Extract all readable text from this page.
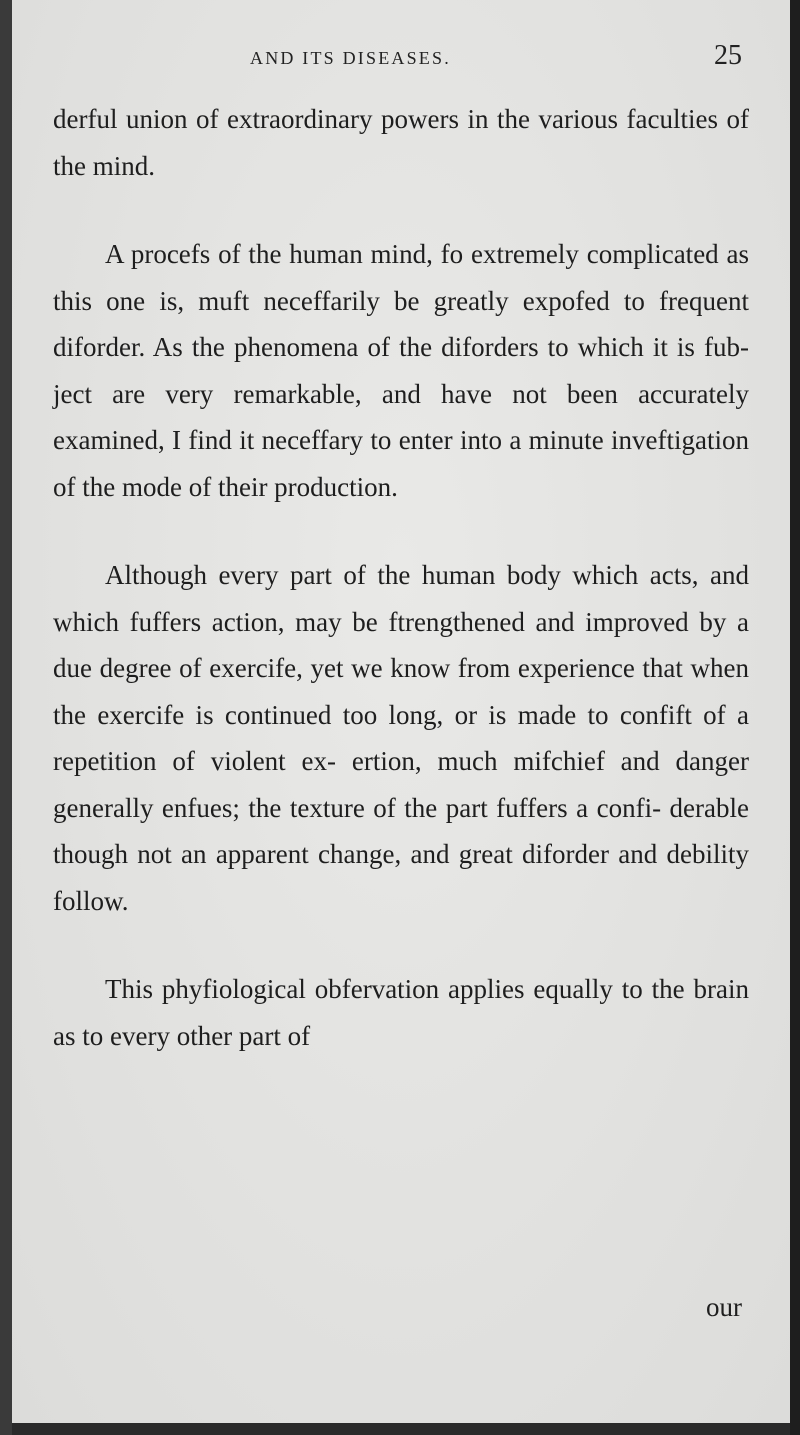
AND ITS DISEASES.	25

derful union of extraordinary powers in the various faculties of the mind.

A procefs of the human mind, fo extremely complicated as this one is, muft neceffarily be greatly expofed to frequent diforder. As the phenomena of the diforders to which it is fub- ject are very remarkable, and have not been accurately examined, I find it neceffary to enter into a minute inveftigation of the mode of their production.

Although every part of the human body which acts, and which fuffers action, may be ftrengthened and improved by a due degree of exercife, yet we know from experience that when the exercife is continued too long, or is made to confift of a repetition of violent ex- ertion, much mifchief and danger generally enfues; the texture of the part fuffers a confi- derable though not an apparent change, and great diforder and debility follow.

This phyfiological obfervation applies equally to the brain as to every other part of

our
